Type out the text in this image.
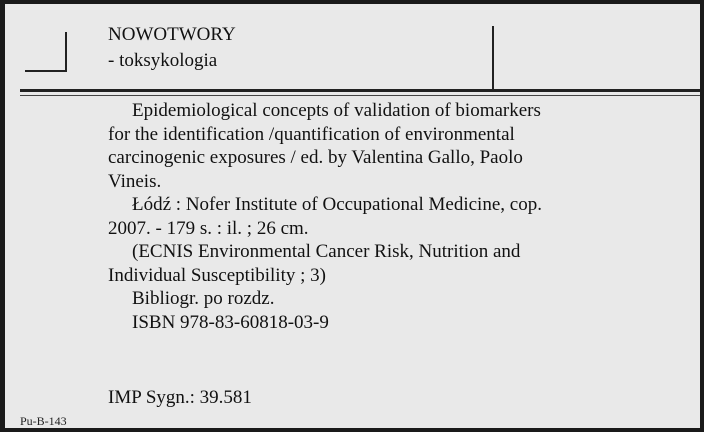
NOWOTWORY
- toksykologia
Epidemiological concepts of validation of biomarkers
for the identification /quantification of environmental
carcinogenic exposures / ed. by Valentina Gallo, Paolo
Vineis.
Łódź : Nofer Institute of Occupational Medicine, cop.
2007. - 179 s. : il. ; 26 cm.
(ECNIS Environmental Cancer Risk, Nutrition and
Individual Susceptibility ; 3)
Bibliogr. po rozdz.
ISBN 978-83-60818-03-9
IMP Sygn.: 39.581
Pu-B-143
